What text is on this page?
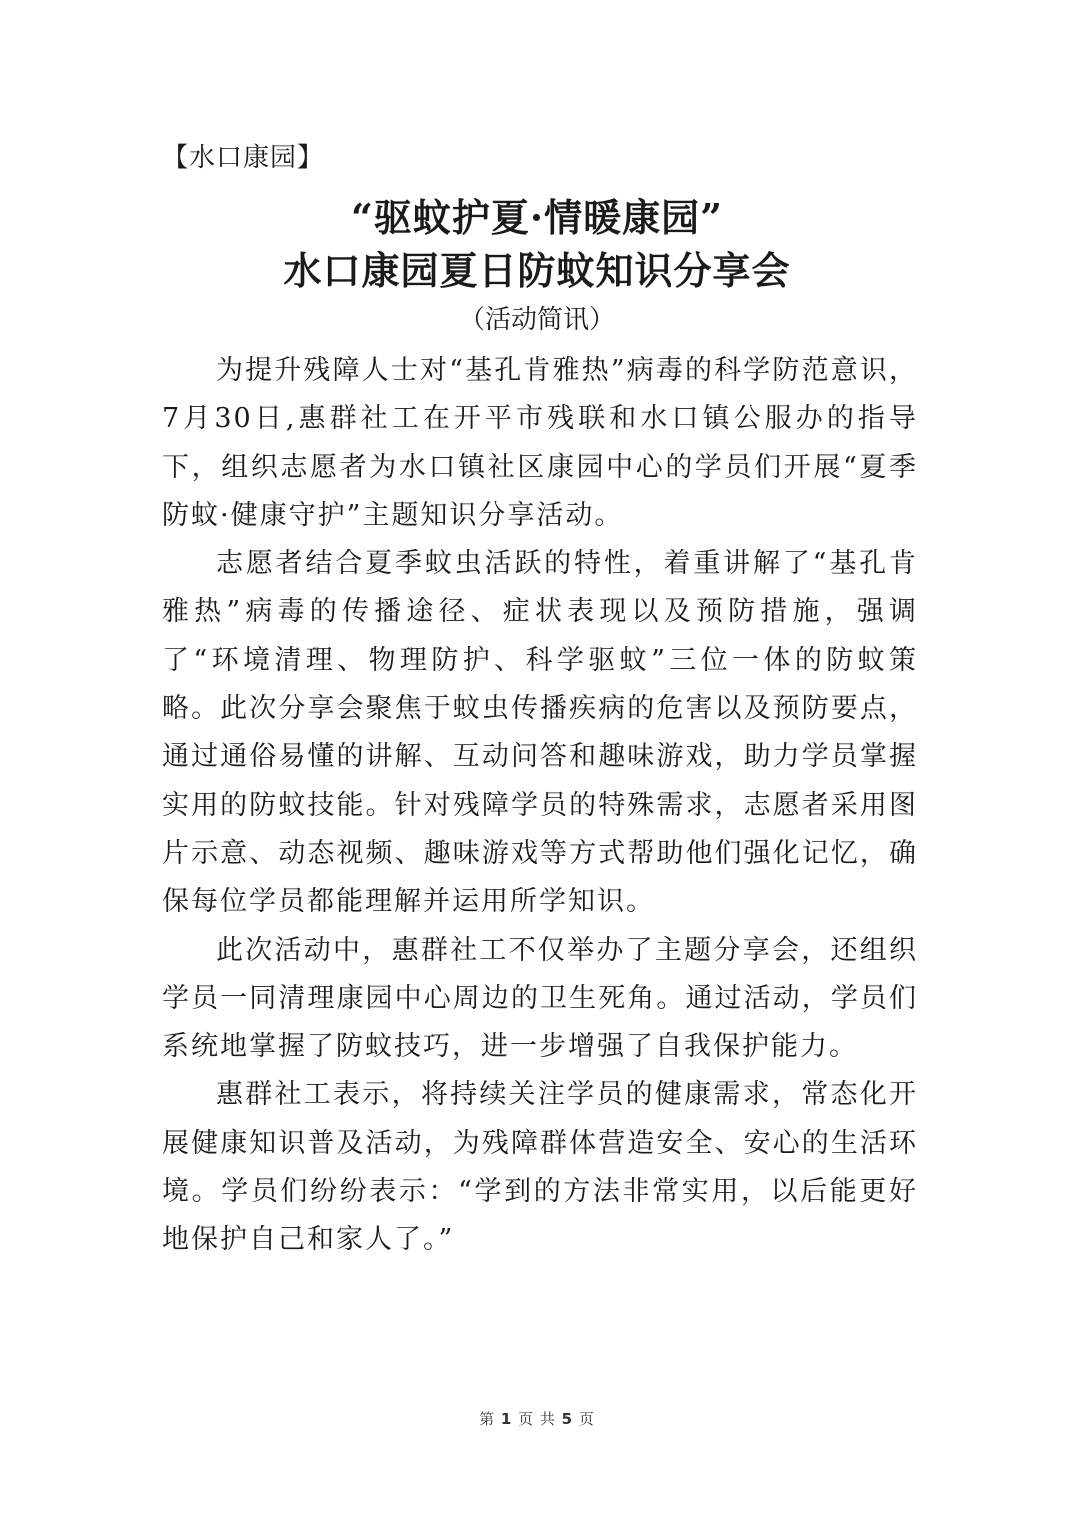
【水口康园】
“驱蚊护夏·情暖康园”
水口康园夏日防蚊知识分享会
（活动简讯）

为提升残障人士对“基孔肯雅热”病毒的科学防范意识，7月30日,惠群社工在开平市残联和水口镇公服办的指导下，组织志愿者为水口镇社区康园中心的学员们开展“夏季防蚊·健康守护”主题知识分享活动。

志愿者结合夏季蚊虫活跃的特性，着重讲解了“基孔肯雅热”病毒的传播途径、症状表现以及预防措施，强调了“环境清理、物理防护、科学驱蚊”三位一体的防蚊策略。此次分享会聚焦于蚊虫传播疾病的危害以及预防要点，通过通俗易懂的讲解、互动问答和趣味游戏，助力学员掌握实用的防蚊技能。针对残障学员的特殊需求，志愿者采用图片示意、动态视频、趣味游戏等方式帮助他们强化记忆，确保每位学员都能理解并运用所学知识。

此次活动中，惠群社工不仅举办了主题分享会，还组织学员一同清理康园中心周边的卫生死角。通过活动，学员们系统地掌握了防蚊技巧，进一步增强了自我保护能力。

惠群社工表示，将持续关注学员的健康需求，常态化开展健康知识普及活动，为残障群体营造安全、安心的生活环境。学员们纷纷表示：“学到的方法非常实用，以后能更好地保护自己和家人了。”

第 1 页 共 5 页
